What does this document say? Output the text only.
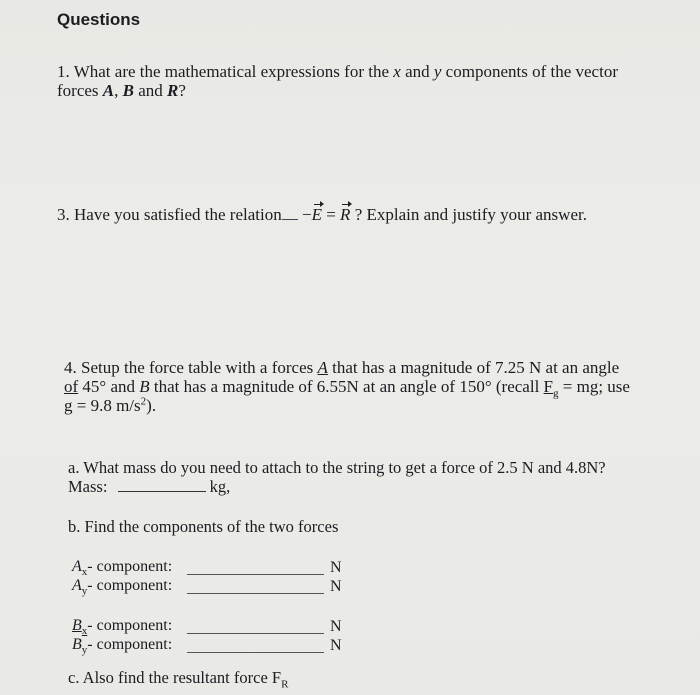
Questions
1. What are the mathematical expressions for the x and y components of the vector
forces A, B and R?
3. Have you satisfied the relation −E = R ? Explain and justify your answer.
4. Setup the force table with a forces A that has a magnitude of 7.25 N at an angle
of 45° and B that has a magnitude of 6.55N at an angle of 150° (recall $F_g$ = mg; use
g = 9.8 $m/s^2$).
a. What mass do you need to attach to the string to get a force of 2.5 N and 4.8N?
Mass:	kg,
b. Find the components of the two forces
$A_x-$ component:	N
$A_y-$ component:	N
$B_x-$ component:	N
$B_y-$ component:	N
c. Also find the resultant force $F_R$
